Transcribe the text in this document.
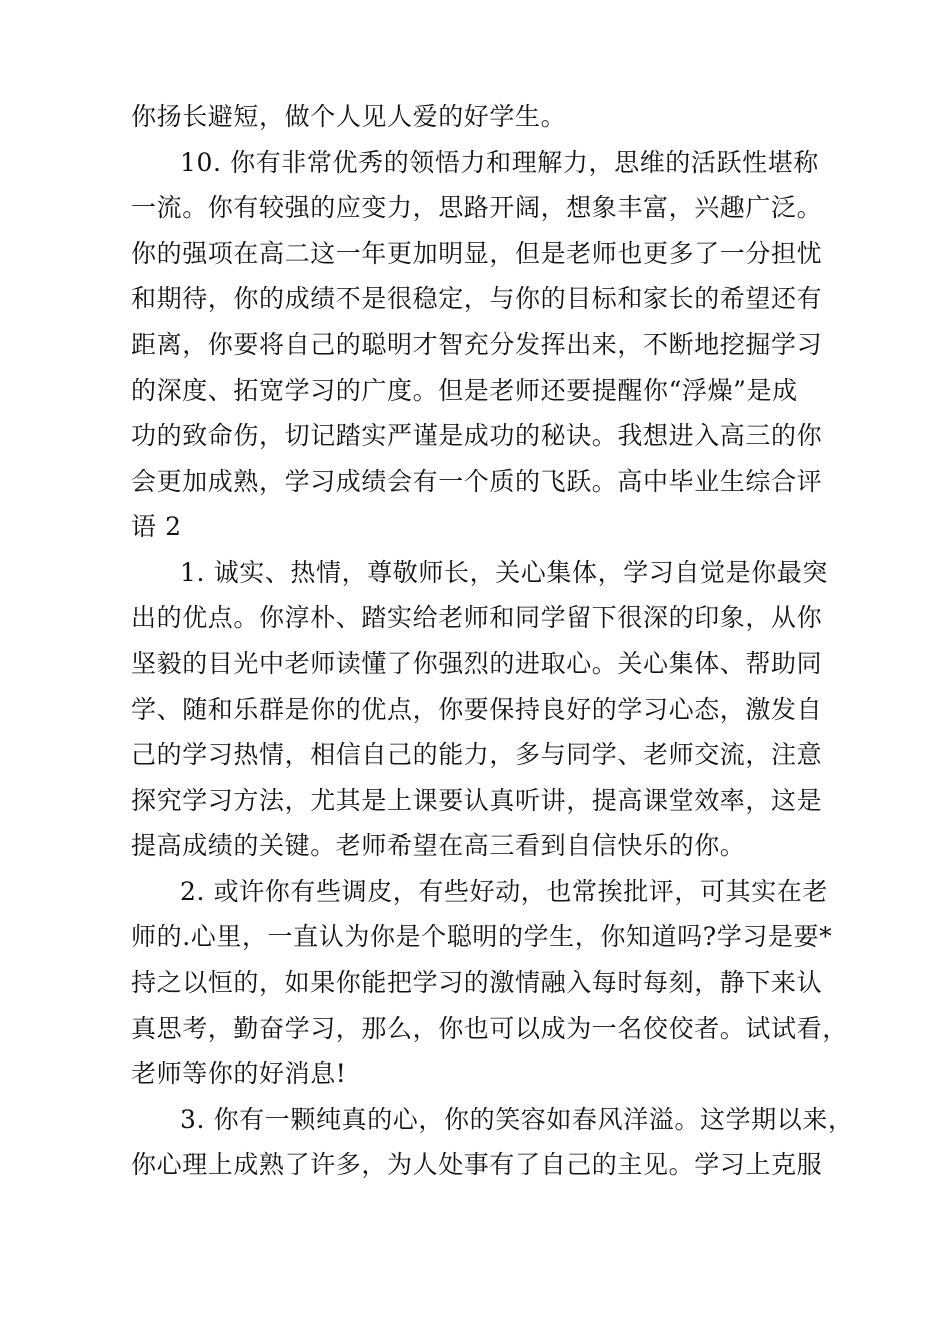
你扬长避短，做个人见人爱的好学生。
10. 你有非常优秀的领悟力和理解力，思维的活跃性堪称
一流。你有较强的应变力，思路开阔，想象丰富，兴趣广泛。
你的强项在高二这一年更加明显，但是老师也更多了一分担忧
和期待，你的成绩不是很稳定，与你的目标和家长的希望还有
距离，你要将自己的聪明才智充分发挥出来，不断地挖掘学习
的深度、拓宽学习的广度。但是老师还要提醒你“浮燥”是成
功的致命伤，切记踏实严谨是成功的秘诀。我想进入高三的你
会更加成熟，学习成绩会有一个质的飞跃。高中毕业生综合评
语 2
1. 诚实、热情，尊敬师长，关心集体，学习自觉是你最突
出的优点。你淳朴、踏实给老师和同学留下很深的印象，从你
坚毅的目光中老师读懂了你强烈的进取心。关心集体、帮助同
学、随和乐群是你的优点，你要保持良好的学习心态，激发自
己的学习热情，相信自己的能力，多与同学、老师交流，注意
探究学习方法，尤其是上课要认真听讲，提高课堂效率，这是
提高成绩的关键。老师希望在高三看到自信快乐的你。
2. 或许你有些调皮，有些好动，也常挨批评，可其实在老
师的.心里，一直认为你是个聪明的学生，你知道吗?学习是要*
持之以恒的，如果你能把学习的激情融入每时每刻，静下来认
真思考，勤奋学习，那么，你也可以成为一名佼佼者。试试看，
老师等你的好消息!
3. 你有一颗纯真的心，你的笑容如春风洋溢。这学期以来，
你心理上成熟了许多，为人处事有了自己的主见。学习上克服
